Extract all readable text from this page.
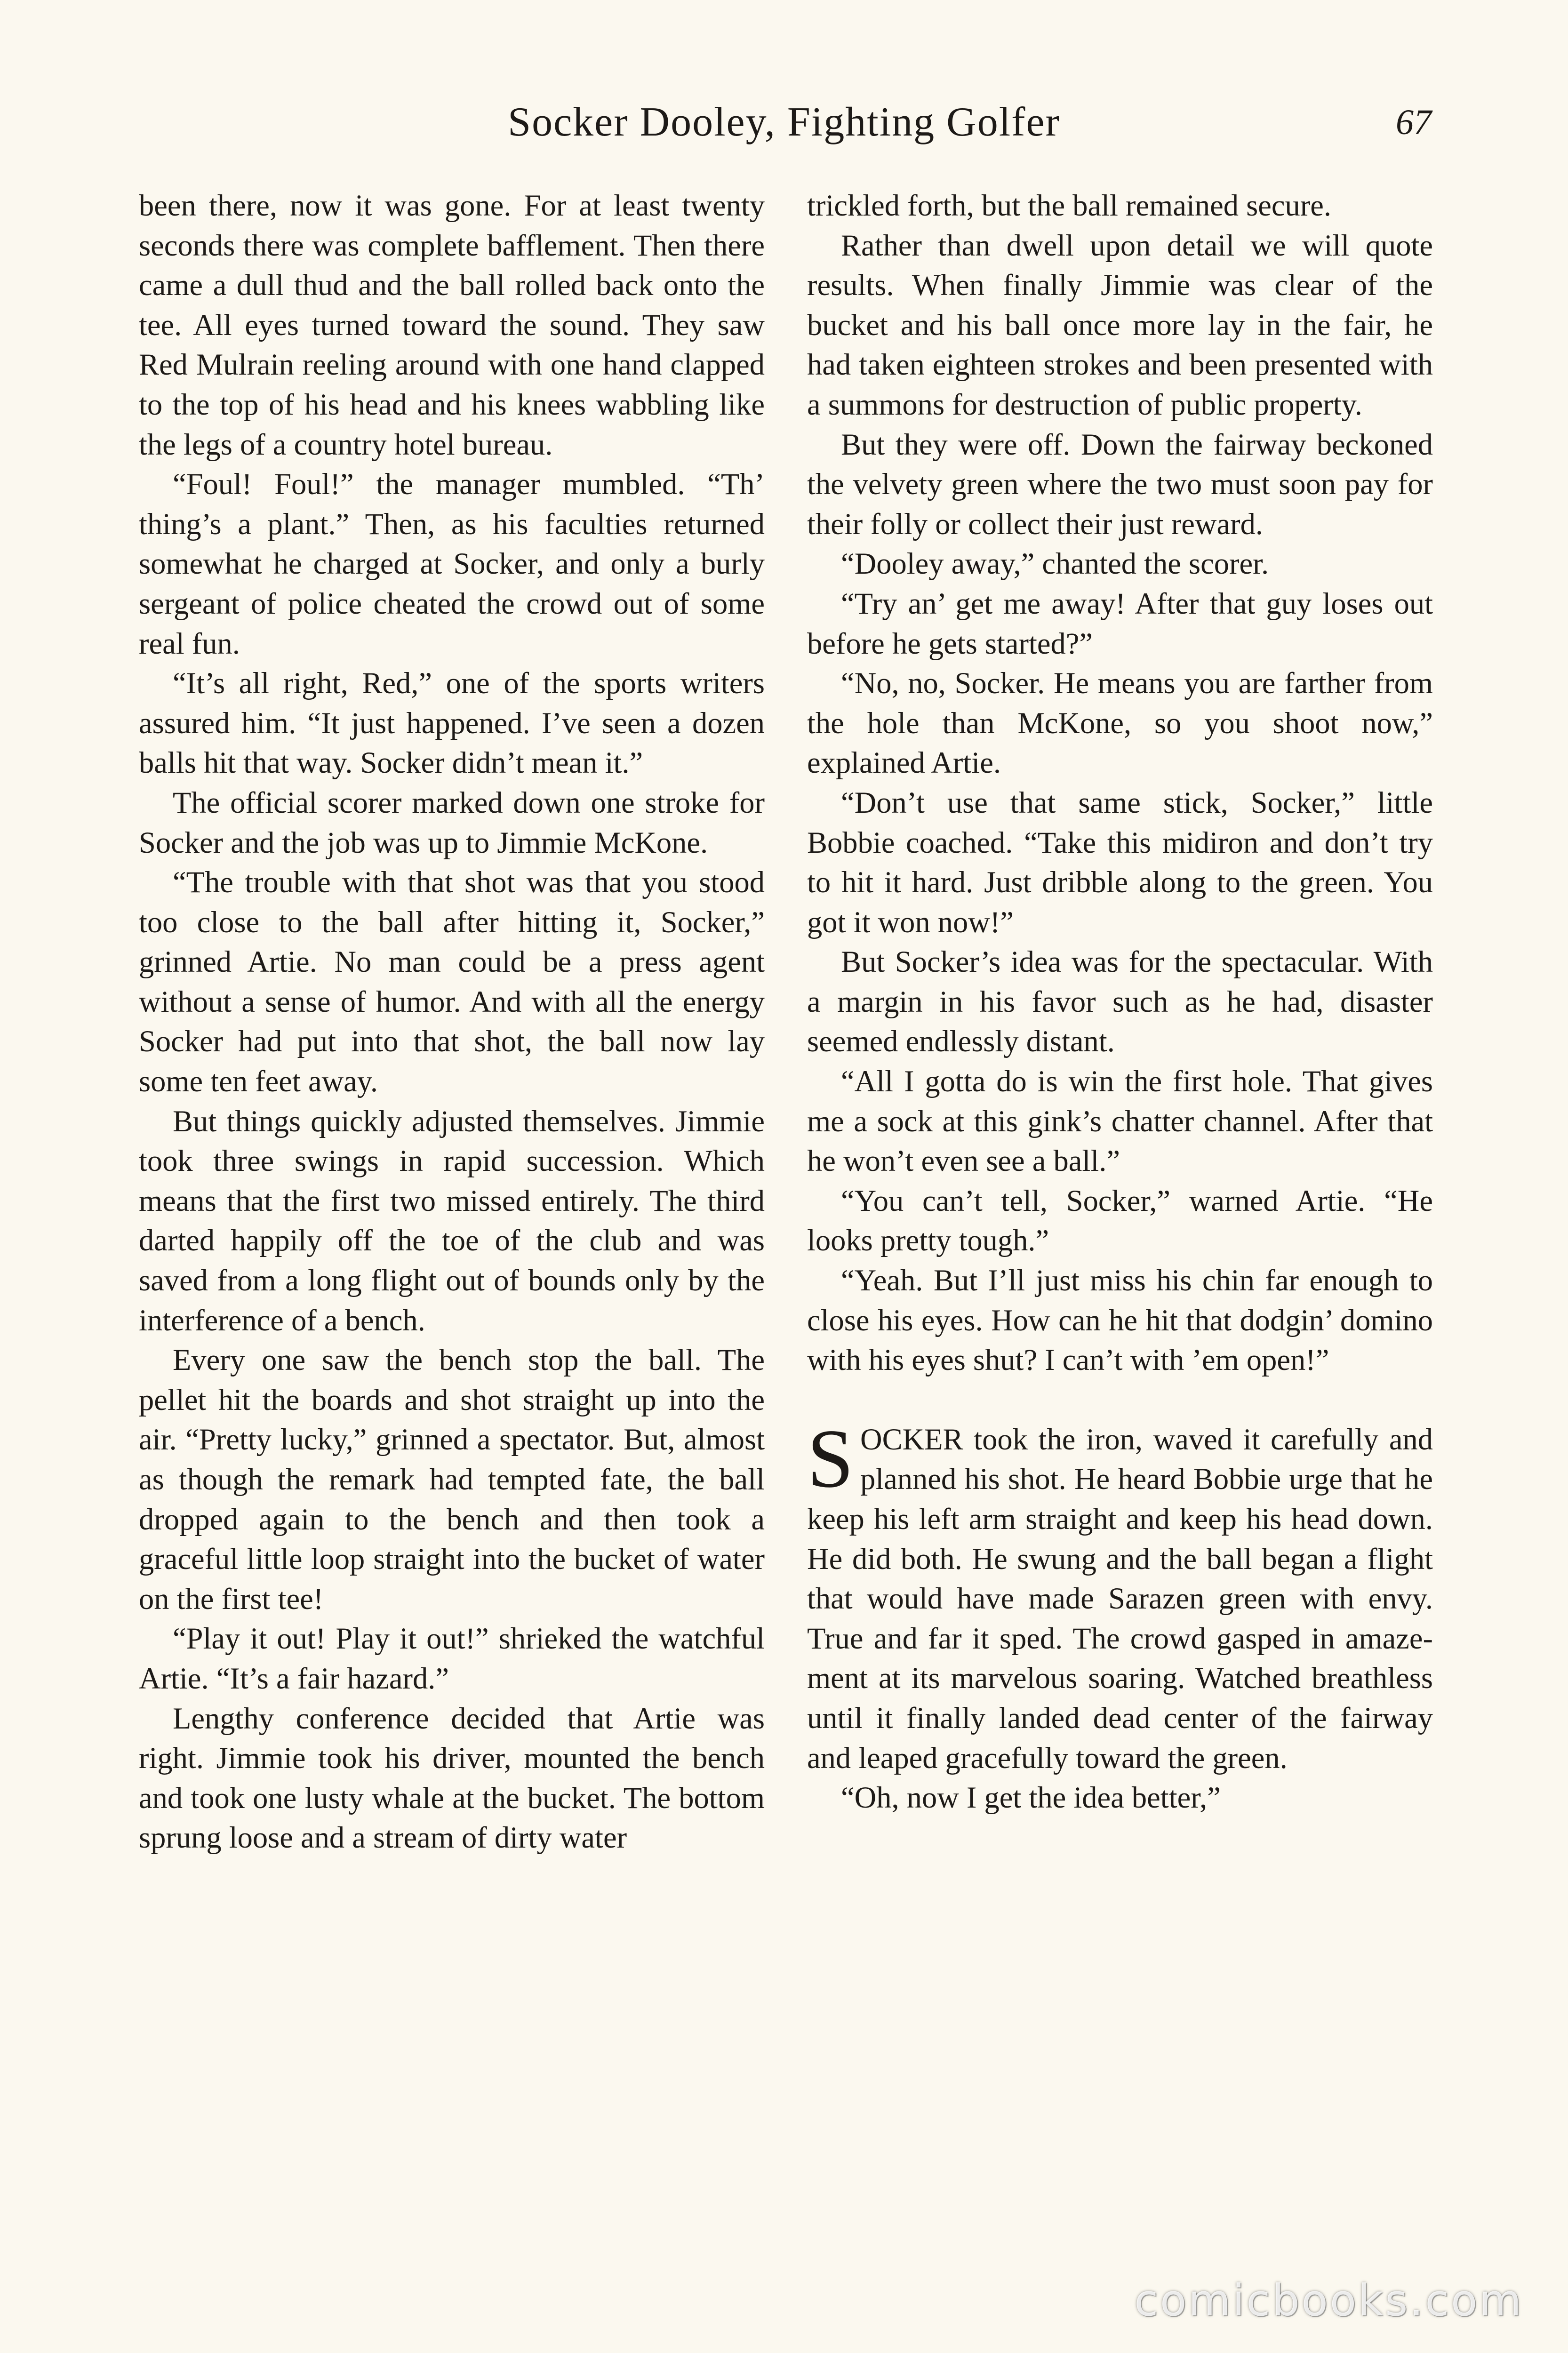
Socker Dooley, Fighting Golfer	67

been there, now it was gone. For at least twenty seconds there was complete bafflement. Then there came a dull thud and the ball rolled back onto the tee. All eyes turned toward the sound. They saw Red Mulrain reeling around with one hand clapped to the top of his head and his knees wabbling like the legs of a country hotel bureau.

“Foul! Foul!” the manager mumbled. “Th’ thing’s a plant.” Then, as his faculties returned somewhat he charged at Socker, and only a burly sergeant of police cheated the crowd out of some real fun.

“It’s all right, Red,” one of the sports writers assured him. “It just happened. I’ve seen a dozen balls hit that way. Socker didn’t mean it.”

The official scorer marked down one stroke for Socker and the job was up to Jimmie McKone.

“The trouble with that shot was that you stood too close to the ball after hitting it, Socker,” grinned Artie. No man could be a press agent without a sense of humor. And with all the energy Socker had put into that shot, the ball now lay some ten feet away.

But things quickly adjusted themselves. Jimmie took three swings in rapid succession. Which means that the first two missed entirely. The third darted happily off the toe of the club and was saved from a long flight out of bounds only by the interference of a bench.

Every one saw the bench stop the ball. The pellet hit the boards and shot straight up into the air. “Pretty lucky,” grinned a spectator. But, almost as though the remark had tempted fate, the ball dropped again to the bench and then took a graceful little loop straight into the bucket of water on the first tee!

“Play it out! Play it out!” shrieked the watchful Artie. “It’s a fair hazard.”

Lengthy conference decided that Artie was right. Jimmie took his driver, mounted the bench and took one lusty whale at the bucket. The bottom sprung loose and a stream of dirty water

trickled forth, but the ball remained secure.

Rather than dwell upon detail we will quote results. When finally Jimmie was clear of the bucket and his ball once more lay in the fair, he had taken eighteen strokes and been presented with a summons for destruction of public property.

But they were off. Down the fairway beckoned the velvety green where the two must soon pay for their folly or collect their just reward.

“Dooley away,” chanted the scorer.

“Try an’ get me away! After that guy loses out before he gets started?”

“No, no, Socker. He means you are farther from the hole than McKone, so you shoot now,” explained Artie.

“Don’t use that same stick, Socker,” little Bobbie coached. “Take this midiron and don’t try to hit it hard. Just dribble along to the green. You got it won now!”

But Socker’s idea was for the spectacular. With a margin in his favor such as he had, disaster seemed endlessly distant.

“All I gotta do is win the first hole. That gives me a sock at this gink’s chatter channel. After that he won’t even see a ball.”

“You can’t tell, Socker,” warned Artie. “He looks pretty tough.”

“Yeah. But I’ll just miss his chin far enough to close his eyes. How can he hit that dodgin’ domino with his eyes shut? I can’t with ’em open!”

SOCKER took the iron, waved it carefully and planned his shot. He heard Bobbie urge that he keep his left arm straight and keep his head down. He did both. He swung and the ball began a flight that would have made Sarazen green with envy. True and far it sped. The crowd gasped in amazement at its marvelous soaring. Watched breathless until it finally landed dead center of the fairway and leaped gracefully toward the green.

“Oh, now I get the idea better,”

comicbooks.com
